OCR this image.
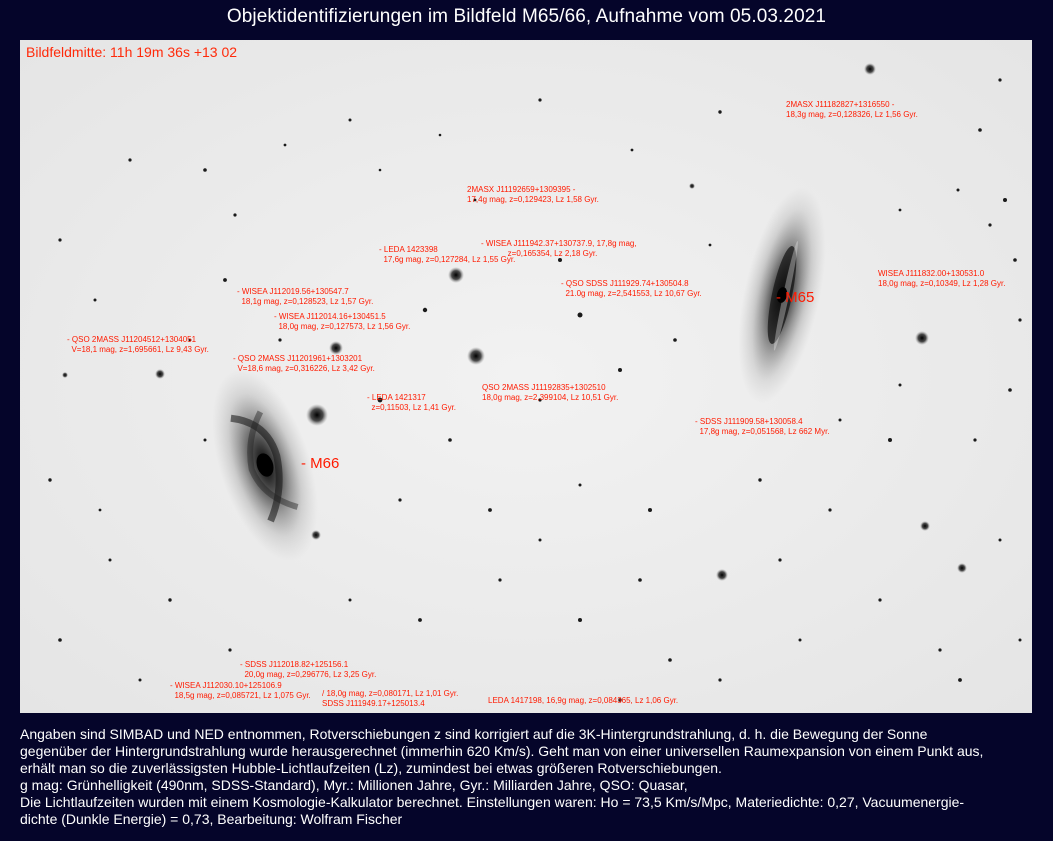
Objektidentifizierungen im Bildfeld M65/66, Aufnahme vom 05.03.2021
Bildfeldmitte: 11h 19m 36s +13 02
- M65
- M66
2MASX J11182827+1316550 -
18,3g mag, z=0,128326, Lz 1,56 Gyr.
2MASX J11192659+1309395 -
17,4g mag, z=0,129423, Lz 1,58 Gyr.
- LEDA 1423398
17,6g mag, z=0,127284, Lz 1,55 Gyr.
- WISEA J111942.37+130737.9, 17,8g mag,
z=0,165354, Lz 2,18 Gyr.
WISEA J111832.00+130531.0
18,0g mag, z=0,10349, Lz 1,28 Gyr.
- WISEA J112019.56+130547.7
18,1g mag, z=0,128523, Lz 1,57 Gyr.
- QSO SDSS J111929.74+130504.8
21.0g mag, z=2,541553, Lz 10,67 Gyr.
- WISEA J112014.16+130451.5
18,0g mag, z=0,127573, Lz 1,56 Gyr.
- QSO 2MASS J11204512+1304051
V=18,1 mag, z=1,695661, Lz 9,43 Gyr.
- QSO 2MASS J11201961+1303201
V=18,6 mag, z=0,316226, Lz 3,42 Gyr.
QSO 2MASS J11192835+1302510
18,0g mag, z=2,399104, Lz 10,51 Gyr.
- LEDA 1421317
z=0,11503, Lz 1,41 Gyr.
- SDSS J111909.58+130058.4
17,8g mag, z=0,051568, Lz 662 Myr.
- SDSS J112018.82+125156.1
20,0g mag, z=0,296776, Lz 3,25 Gyr.
- WISEA J112030.10+125106.9
18,5g mag, z=0,085721, Lz 1,075 Gyr. / 18,0g mag, z=0,080171, Lz 1,01 Gyr.
SDSS J111949.17+125013.4	LEDA 1417198, 16,9g mag, z=0,084365, Lz 1,06 Gyr.
Angaben sind SIMBAD und NED entnommen, Rotverschiebungen z sind korrigiert auf die 3K-Hintergrundstrahlung, d. h. die Bewegung der Sonne
gegenüber der Hintergrundstrahlung wurde herausgerechnet (immerhin 620 Km/s). Geht man von einer universellen Raumexpansion von einem Punkt aus,
erhält man so die zuverlässigsten Hubble-Lichtlaufzeiten (Lz), zumindest bei etwas größeren Rotverschiebungen.
g mag: Grünhelligkeit (490nm, SDSS-Standard), Myr.: Millionen Jahre, Gyr.: Milliarden Jahre, QSO: Quasar,
Die Lichtlaufzeiten wurden mit einem Kosmologie-Kalkulator berechnet. Einstellungen waren: Ho = 73,5 Km/s/Mpc, Materiedichte: 0,27, Vacuumenergie-
dichte (Dunkle Energie) = 0,73, Bearbeitung: Wolfram Fischer
